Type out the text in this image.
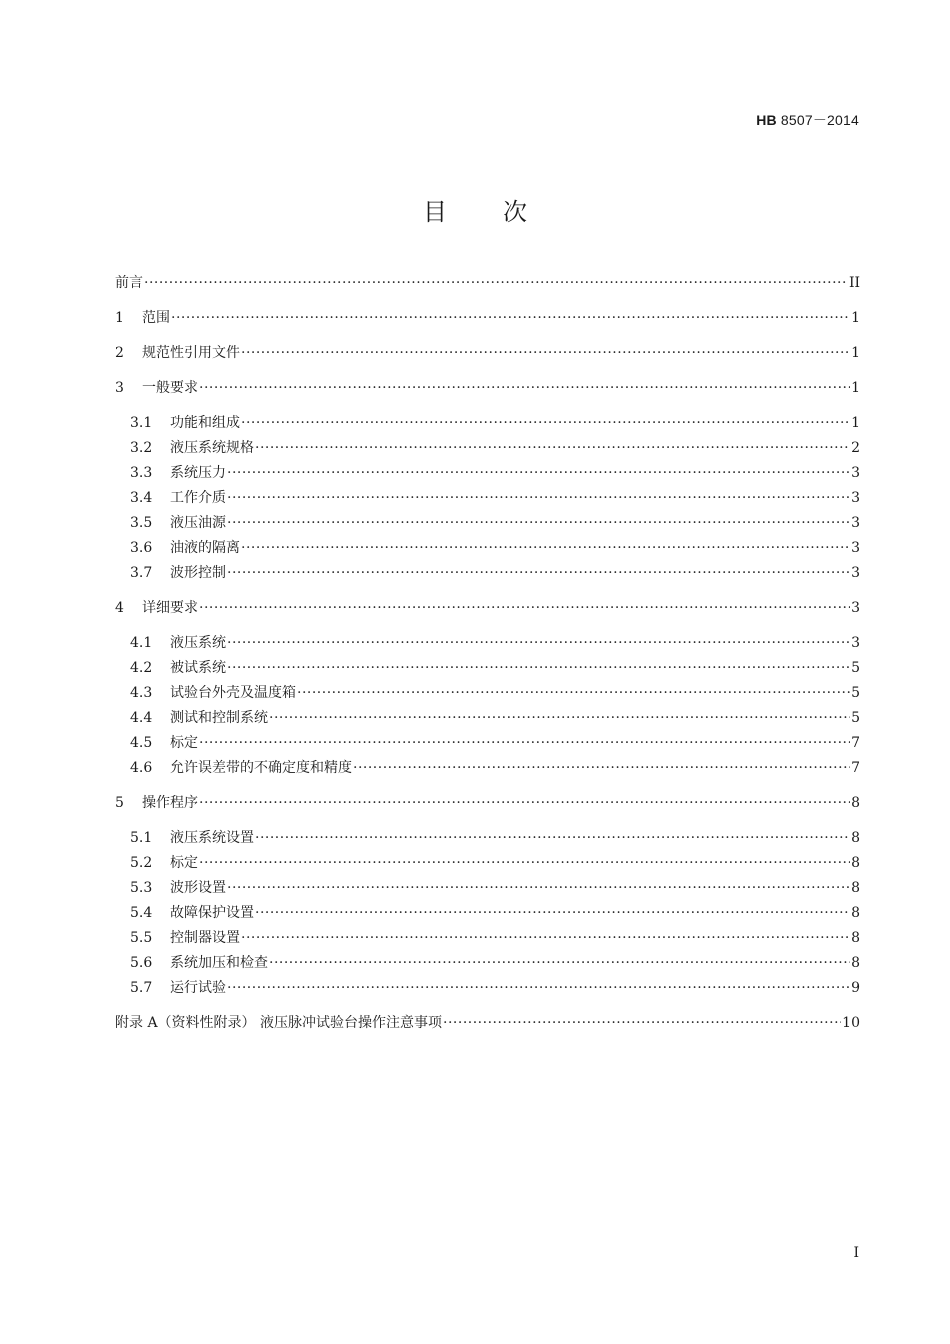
HB 8507－2014
目次
前言 ·····	II
1	范围 ·····	1
2	规范性引用文件 ·····	1
3	一般要求 ·····	1
3.1	功能和组成 ·····	1
3.2	液压系统规格 ·····	2
3.3	系统压力 ·····	3
3.4	工作介质 ·····	3
3.5	液压油源 ·····	3
3.6	油液的隔离 ·····	3
3.7	波形控制 ·····	3
4	详细要求 ·····	3
4.1	液压系统 ·····	3
4.2	被试系统 ·····	5
4.3	试验台外壳及温度箱 ·····	5
4.4	测试和控制系统 ·····	5
4.5	标定 ·····	7
4.6	允许误差带的不确定度和精度 ·····	7
5	操作程序 ·····	8
5.1	液压系统设置 ·····	8
5.2	标定 ·····	8
5.3	波形设置 ·····	8
5.4	故障保护设置 ·····	8
5.5	控制器设置 ·····	8
5.6	系统加压和检查 ·····	8
5.7	运行试验 ·····	9
附录 A（资料性附录） 液压脉冲试验台操作注意事项 ·····	10
I
